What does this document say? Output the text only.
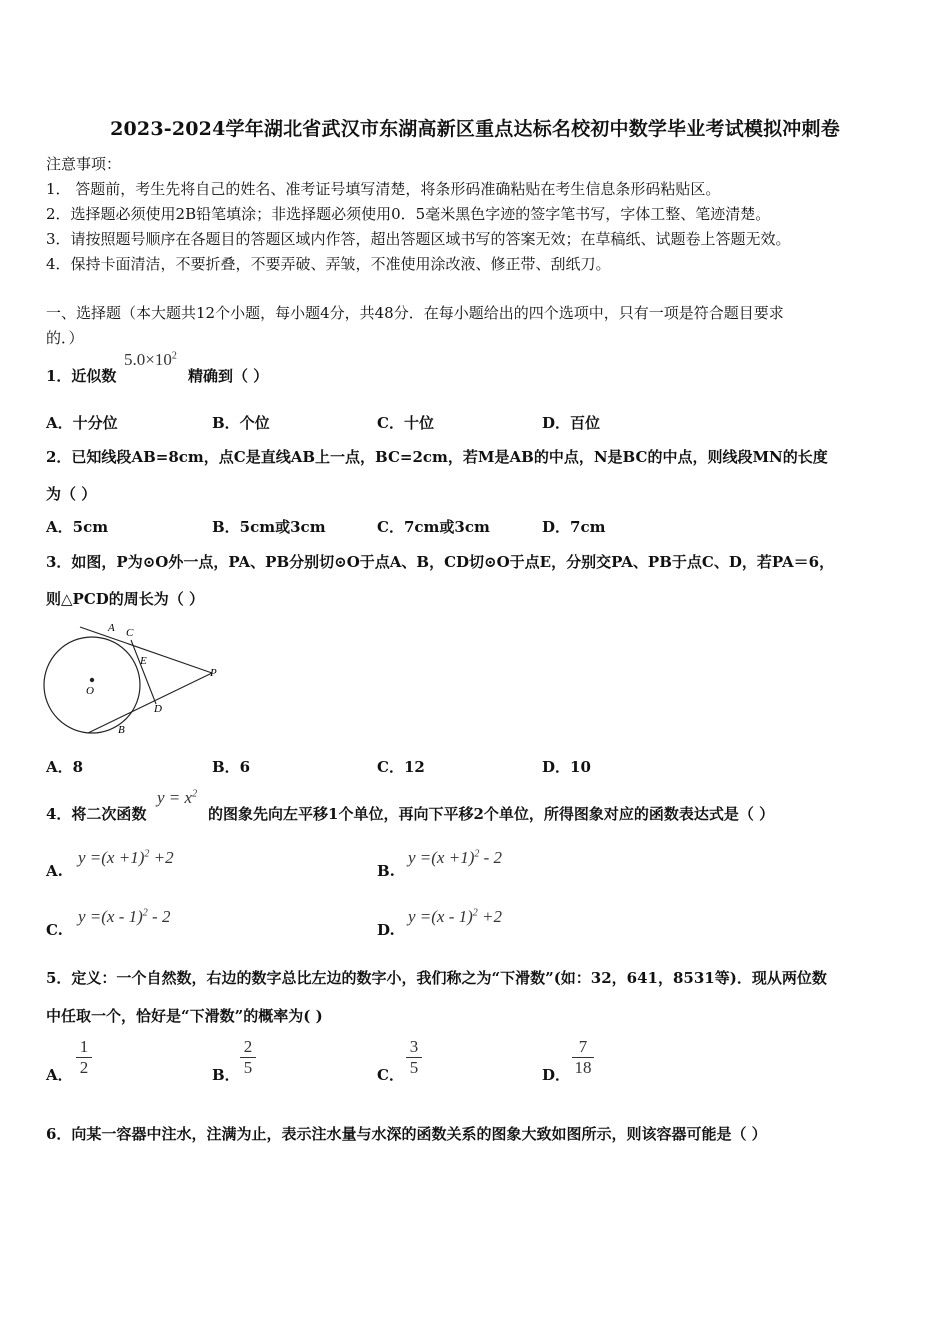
2023-2024学年湖北省武汉市东湖高新区重点达标名校初中数学毕业考试模拟冲刺卷
注意事项：
1． 答题前，考生先将自己的姓名、准考证号填写清楚，将条形码准确粘贴在考生信息条形码粘贴区。
2．选择题必须使用2B铅笔填涂；非选择题必须使用0．5毫米黑色字迹的签字笔书写，字体工整、笔迹清楚。
3．请按照题号顺序在各题目的答题区域内作答，超出答题区域书写的答案无效；在草稿纸、试题卷上答题无效。
4．保持卡面清洁，不要折叠，不要弄破、弄皱，不准使用涂改液、修正带、刮纸刀。
一、选择题（本大题共12个小题，每小题4分，共48分．在每小题给出的四个选项中，只有一项是符合题目要求
的．）
1．近似数
$5.0\times 10^2$
精确到（ ）
A．十分位	B．个位	C．十位	D．百位
2．已知线段AB=8cm，点C是直线AB上一点，BC=2cm，若M是AB的中点，N是BC的中点，则线段MN的长度
为（ ）
A．5cm	B．5cm或3cm	C．7cm或3cm	D．7cm
3．如图，P为⊙O外一点，PA、PB分别切⊙O于点A、B，CD切⊙O于点E，分别交PA、PB于点C、D，若PA＝6，
则△PCD的周长为（ ）
A C
E
P
O
D
B
A．8	B．6	C．12	D．10
4．将二次函数
$y = x^2$
的图象先向左平移1个单位，再向下平移2个单位，所得图象对应的函数表达式是（ ）
A.
$y =(x +1)^2 +2$
B.
$y =(x +1)^2 - 2$
C.
y =(x - 1)$^2$ - 2
D.
y =(x - 1)$^2$ +2
5．定义：一个自然数，右边的数字总比左边的数字小，我们称之为“下滑数”(如：32，641，8531等)．现从两位数
中任取一个，恰好是“下滑数”的概率为( )
A．
1
2	B．
2
5	C．
3
5	D．
7
18
6．向某一容器中注水，注满为止，表示注水量与水深的函数关系的图象大致如图所示，则该容器可能是（ ）
